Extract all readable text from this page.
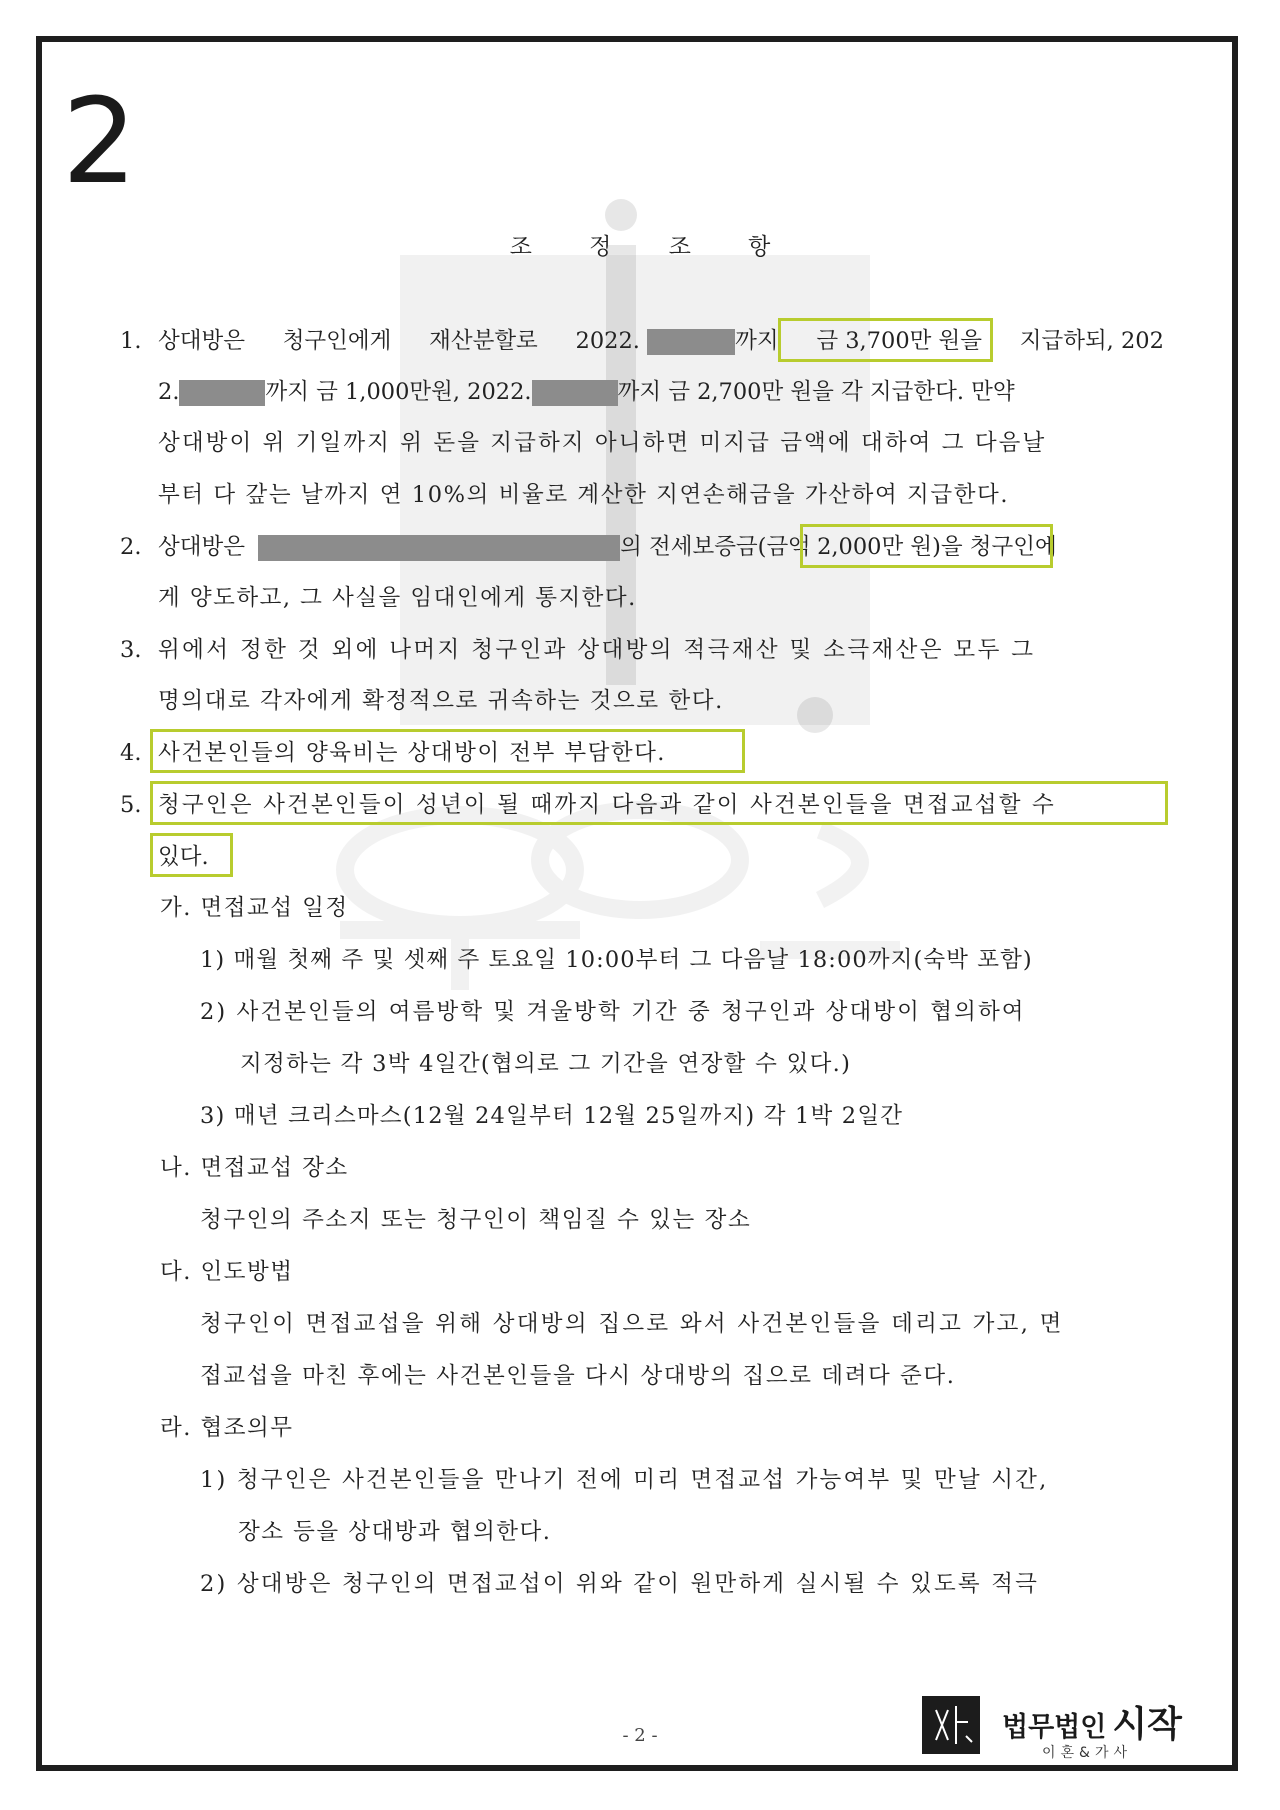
2
조 정 조 항
1. 상대방은 청구인에게 재산분할로 2022.	까지 금 3,700만 원을 지급하되, 202
2.	까지 금 1,000만원, 2022.	까지 금 2,700만 원을 각 지급한다. 만약
상대방이 위 기일까지 위 돈을 지급하지 아니하면 미지급 금액에 대하여 그 다음날
부터 다 갚는 날까지 연 10%의 비율로 계산한 지연손해금을 가산하여 지급한다.
2. 상대방은	의 전세보증금(금액 2,000만 원)을 청구인에
게 양도하고, 그 사실을 임대인에게 통지한다.
3. 위에서 정한 것 외에 나머지 청구인과 상대방의 적극재산 및 소극재산은 모두 그
명의대로 각자에게 확정적으로 귀속하는 것으로 한다.
4. 사건본인들의 양육비는 상대방이 전부 부담한다.
5. 청구인은 사건본인들이 성년이 될 때까지 다음과 같이 사건본인들을 면접교섭할 수
있다.
가. 면접교섭 일정
1) 매월 첫째 주 및 셋째 주 토요일 10:00부터 그 다음날 18:00까지(숙박 포함)
2) 사건본인들의 여름방학 및 겨울방학 기간 중 청구인과 상대방이 협의하여
지정하는 각 3박 4일간(협의로 그 기간을 연장할 수 있다.)
3) 매년 크리스마스(12월 24일부터 12월 25일까지) 각 1박 2일간
나. 면접교섭 장소
청구인의 주소지 또는 청구인이 책임질 수 있는 장소
다. 인도방법
청구인이 면접교섭을 위해 상대방의 집으로 와서 사건본인들을 데리고 가고, 면
접교섭을 마친 후에는 사건본인들을 다시 상대방의 집으로 데려다 준다.
라. 협조의무
1) 청구인은 사건본인들을 만나기 전에 미리 면접교섭 가능여부 및 만날 시간,
장소 등을 상대방과 협의한다.
2) 상대방은 청구인의 면접교섭이 위와 같이 원만하게 실시될 수 있도록 적극
- 2 -	법무법인 시작
이혼&가사
